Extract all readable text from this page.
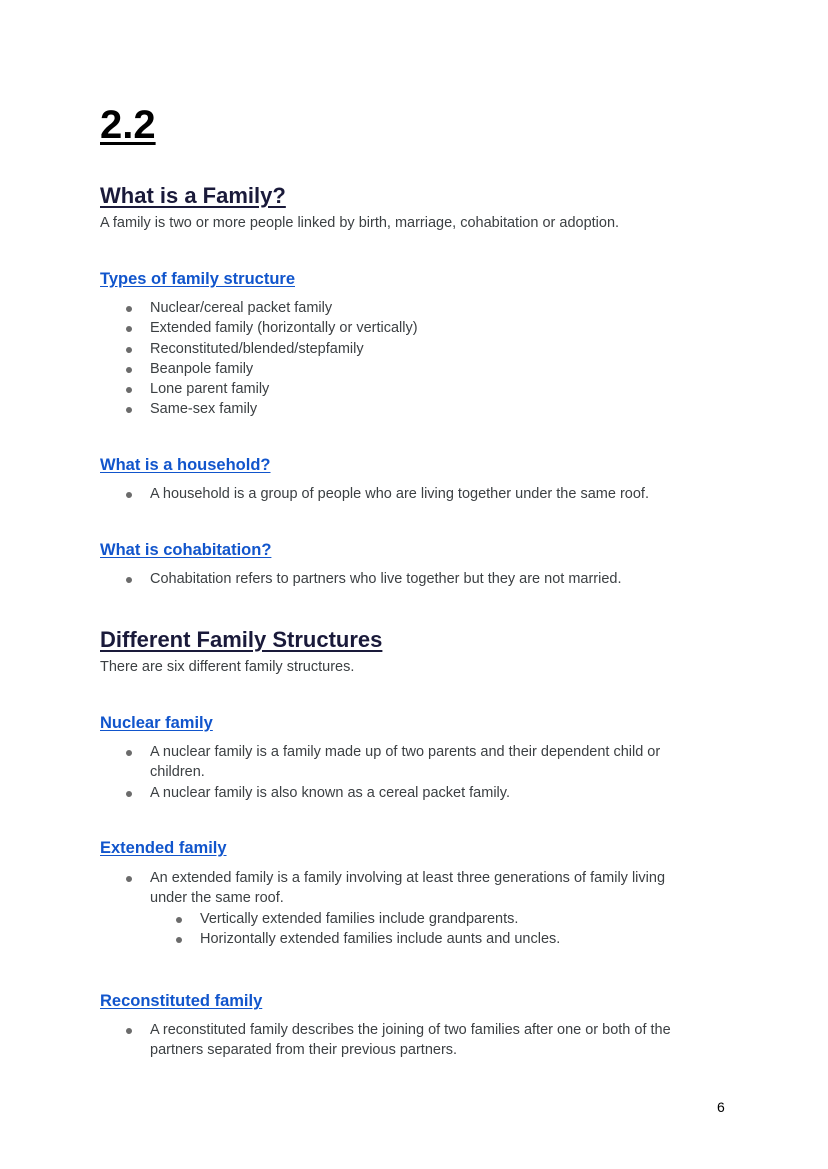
2.2
What is a Family?

A family is two or more people linked by birth, marriage, cohabitation or adoption.

Types of family structure
Nuclear/cereal packet family
Extended family (horizontally or vertically)
Reconstituted/blended/stepfamily
Beanpole family
Lone parent family
Same-sex family
What is a household?
A household is a group of people who are living together under the same roof.
What is cohabitation?
Cohabitation refers to partners who live together but they are not married.
Different Family Structures

There are six different family structures.

Nuclear family
A nuclear family is a family made up of two parents and their dependent child or children.
A nuclear family is also known as a cereal packet family.
Extended family
An extended family is a family involving at least three generations of family living under the same roof.
Vertically extended families include grandparents.
Horizontally extended families include aunts and uncles.
Reconstituted family
A reconstituted family describes the joining of two families after one or both of the partners separated from their previous partners.
6
